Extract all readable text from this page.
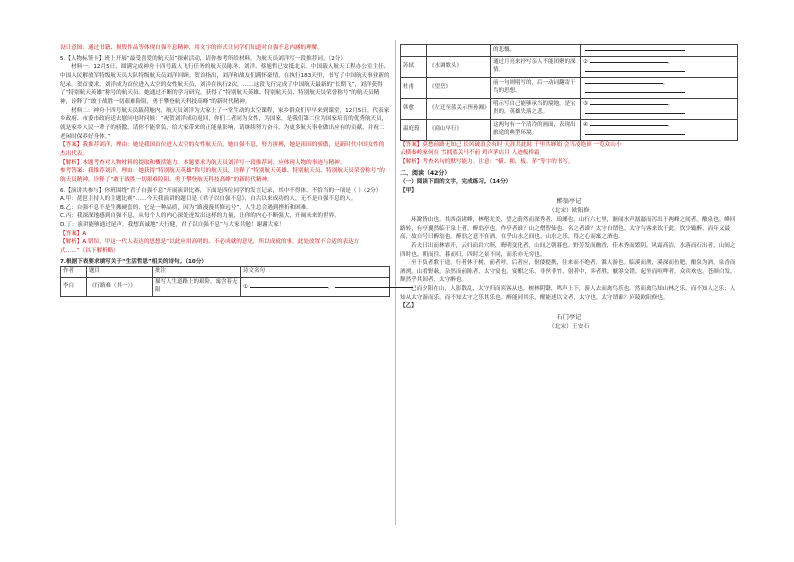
设计意图：通过书籍、损毁作品等体现自强不息精神，用文字的形式让同学们知道对自强不息内涵的理解。

5.【人物标签卡】班上开展“最受喜爱的航天员”探索活动，请你参考所给材料，为航天员刘洋写一段推荐词。（2分）

材料一：12月5日，圆满完成神舟十四号载人飞行任务的航天员陈冬、刘洋、蔡旭哲已安抵北京。中国载人航天工程办公室主任、中国人民解放军特级航天员大队特级航天员刘洋回顾。贺首指出，刘洋和战友们满怀豪情，在执行183天里，书写了中国航天事业新的纪录。贺首要求，刘洋成为首位进入太空的女性航天员，刘洋在执行2次，……这段飞行完成了中国航天最新的“长期飞”，刘洋获得了“特别航天英雄”称号的航天员。她通过不断的学习研究，获得了“特别航天英雄、特别航天员、特别航天员荣誉称号”的航天员精神，诠释了“敢于战胜一切艰难险阻，勇于攀登航天科技高峰”的新时代精神。

材料二：神舟十四号航天员载荷舱内，航天员刘洋为大家上了一堂生动的太空课程，家乡群众们早早来到课堂，12月5日，代表家乡政府、市委市政府送去慰问电时问候：“祝贺刘洋成功返回，你们二者同为女性，为国家，是我们第二位为国家培育的优秀航天员，就是家乡人民一辈子的骄傲，请你不能辜负，给大家带来的正能量影响，请继续努力奋斗，为更多航天事业做出应有的贡献，并祝二老闲时保养好身体。”

【答案】我推荐刘洋，理由：她是我国首位进入太空的女性航天员，她自强不息，努力拼搏，她是祖国的骄傲，是新时代中国女性的杰出代表。

【解析】本题考查对人物材料的提取和概括能力。本题要求为航天员刘洋写一段推荐词，应体现人物的事迹与精神。

参考答案：我推荐刘洋，理由：她获得“特别航天英雄”称号的航天员，诠释了“特别航天英雄、特别航天员、特别航天员荣誉称号”的航天员精神，诠释了“敢于战胜一切艰难险阻、勇于攀登航天科技高峰”的新时代精神。

6.【演讲共参与】你班围绕“君子自强不息”开展演讲比赛，下面是四位同学的发言记录，其中不得体、不恰当的一项是（ ）（2分）

A.甲：琵琶主持人的主题比赛“……今天我演讲的题目是《君子以自强不息》，自古以来成功的人，无不是自强不息的人。

B.乙：自强不息不是生搬硬套的，它是一种品质，因为“路漫漫其修远兮”，人生总会遇到挫折和困难。

C.丙：我深深地感到自强不息，从每个人的内心深处迸发出这样的力量，让你的内心不断强大，开阔未来的世界。

D.丁：演讲能够通过尾声，我想真诚地“天行健，君子以自强不息”与大家共勉！谢谢大家！

【答案】A

【解析】A.错误，甲这一代人表达的思想是“以此应用高明的、不必成就的意见，所以成就的事，此处放置不合适的表达方式……”（以下解析略）

7.根据下表要求填写关于“生活哲思”相关的诗句。（10分）

作者	题目	批注	诗文名句
李白	《行路难（其一）》	描写人生道路上的艰险，寓含着无限	① ，
		的悲慨。	
苏轼	《水调歌头》	通过月亮来抒写亲人不能团聚的深情。	② ，

杜甫	《望岳》	前一句则明写的，后一动词翻寄于鸟的思想。	，

韩愈	《左迁至蓝关示侄孙湘》	明示写自己能够承当的境地，是宝贵的，英雄失落之悲。	③ ，

温庭筠	《商山早行》	这两句有一个清冷的画面，表现出旅途的典型环境。	④ ，

【答案】莫愁前路无知己 长风破浪会有时 天涯共此时 千里共婵娟 会当凌绝顶 一览众山小

云横秦岭家何在 雪拥蓝关马不前 鸡声茅店月 人迹板桥霜

【解析】考查名句的默写能力。注意：“横、拥、板、茅”等字的书写。

二、阅读（42分）

（一）阅读下面的文字，完成练习。（14分）

【甲】

醉翁亭记

（北宋）欧阳修

环滁皆山也。其西南诸峰，林壑尤美，望之蔚然而深秀者，琅琊也。山行六七里，渐闻水声潺潺而泻出于两峰之间者，酿泉也。峰回路转，有亭翼然临于泉上者，醉翁亭也。作亭者谁？山之僧智仙也。名之者谁？太守自谓也。太守与客来饮于此，饮少辄醉，而年又最高，故自号曰醉翁也。醉翁之意不在酒，在乎山水之间也。山水之乐，得之心而寓之酒也。

若夫日出而林霏开，云归而岩穴暝，晦明变化者，山间之朝暮也。野芳发而幽香，佳木秀而繁阴，风霜高洁，水落而石出者，山间之四时也。朝而往，暮而归，四时之景不同，而乐亦无穷也。

至于负者歌于途，行者休于树，前者呼，后者应，伛偻提携，往来而不绝者，滁人游也。临溪而渔，溪深而鱼肥，酿泉为酒，泉香而酒洌，山肴野蔌，杂然而前陈者，太守宴也。宴酣之乐，非丝非竹，射者中，弈者胜，觥筹交错，起坐而喧哗者，众宾欢也。苍颜白发，颓然乎其间者，太守醉也。

已而夕阳在山，人影散乱，太守归而宾客从也。树林阴翳，鸣声上下，游人去而禽鸟乐也。然而禽鸟知山林之乐，而不知人之乐；人知从太守游而乐，而不知太守之乐其乐也。醉能同其乐，醒能述以文者，太守也。太守谓谁？庐陵欧阳修也。

【乙】

石门亭记

（北宋）王安石
